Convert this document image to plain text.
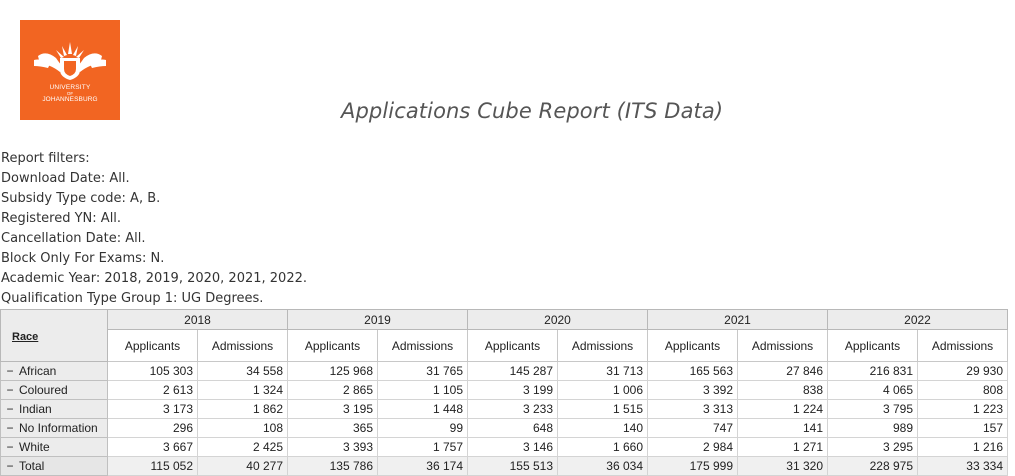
UNIVERSITY
OF
JOHANNESBURG	Applications Cube Report (ITS Data)
Report filters:
Download Date: All.
Subsidy Type code: A, B.
Registered YN: All.
Cancellation Date: All.
Block Only For Exams: N.
Academic Year: 2018, 2019, 2020, 2021, 2022.
Qualification Type Group 1: UG Degrees.
Race	2018		2019		2020		2021		2022	
	Applicants	Admissions	Applicants	Admissions	Applicants	Admissions	Applicants	Admissions	Applicants	Admissions
− African	105 303	34 558	125 968	31 765	145 287	31 713	165 563	27 846	216 831	29 930
− Coloured	2 613	1 324	2 865	1 105	3 199	1 006	3 392	838	4 065	808
− Indian	3 173	1 862	3 195	1 448	3 233	1 515	3 313	1 224	3 795	1 223
− No Information	296	108	365	99	648	140	747	141	989	157
− White	3 667	2 425	3 393	1 757	3 146	1 660	2 984	1 271	3 295	1 216
− Total	115 052	40 277	135 786	36 174	155 513	36 034	175 999	31 320	228 975	33 334
